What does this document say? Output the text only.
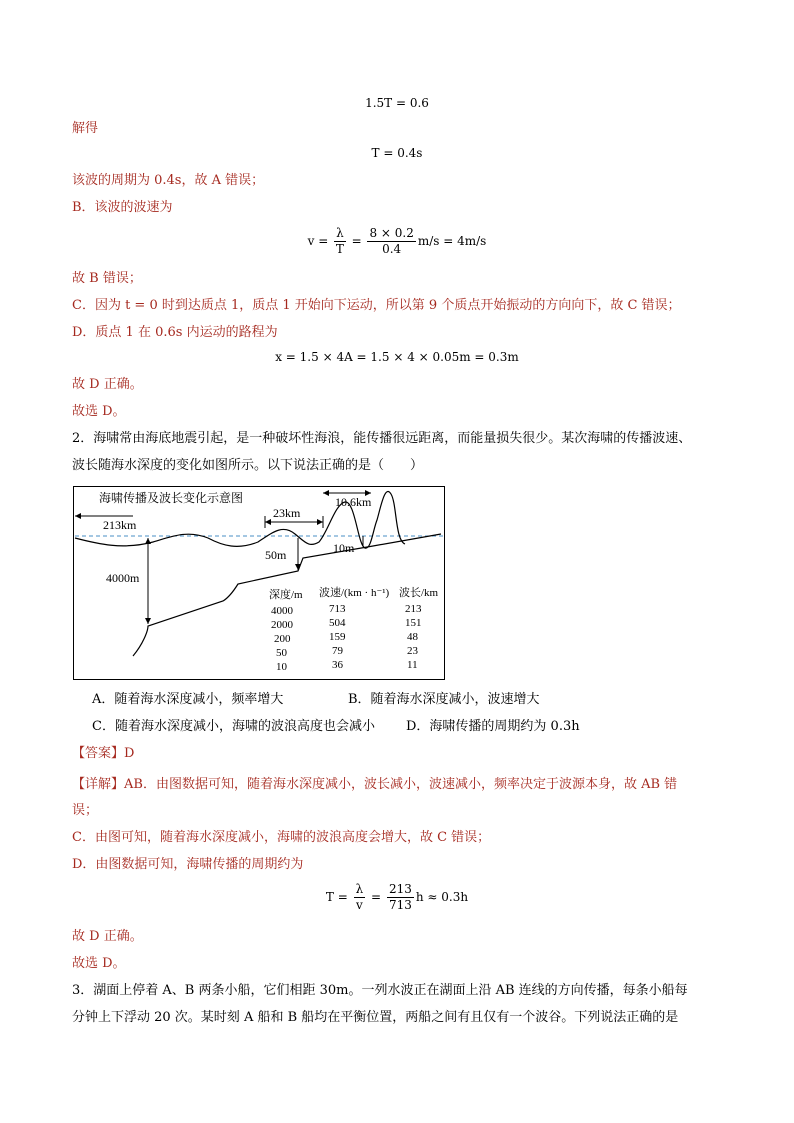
1.5T = 0.6
解得
T = 0.4s
该波的周期为 0.4s，故 A 错误；
B．该波的波速为
$v = \frac{\lambda}{T} = \frac{8 \times 0.2}{0.4} m/s = 4m/s$
故 B 错误；
C．因为 t = 0 时到达质点 1，质点 1 开始向下运动，所以第 9 个质点开始振动的方向向下，故 C 错误；
D．质点 1 在 0.6s 内运动的路程为
x = 1.5 × 4A = 1.5 × 4 × 0.05m = 0.3m
故 D 正确。
故选 D。
2．海啸常由海底地震引起，是一种破坏性海浪，能传播很远距离，而能量损失很少。某次海啸的传播波速、
波长随海水深度的变化如图所示。以下说法正确的是（　　）
海啸传播及波长变化示意图
213km
23km
10.6km
4000m
50m	10m
深度/m 波速/(km · h⁻¹) 波长/km
4000	713	213
2000	504	151
200	159	48
50	79	23
10	36	11
A．随着海水深度减小，频率增大	B．随着海水深度减小，波速增大
C．随着海水深度减小，海啸的波浪高度也会减小 D．海啸传播的周期约为 0.3h
【答案】D
【详解】AB．由图数据可知，随着海水深度减小，波长减小，波速减小，频率决定于波源本身，故 AB 错
误；
C．由图可知，随着海水深度减小，海啸的波浪高度会增大，故 C 错误；
D．由图数据可知，海啸传播的周期约为
$T = \frac{\lambda}{v} = \frac{213}{713}$ h ≈ 0.3h
故 D 正确。
故选 D。
3．湖面上停着 A、B 两条小船，它们相距 30m。一列水波正在湖面上沿 AB 连线的方向传播，每条小船每
分钟上下浮动 20 次。某时刻 A 船和 B 船均在平衡位置，两船之间有且仅有一个波谷。下列说法正确的是
